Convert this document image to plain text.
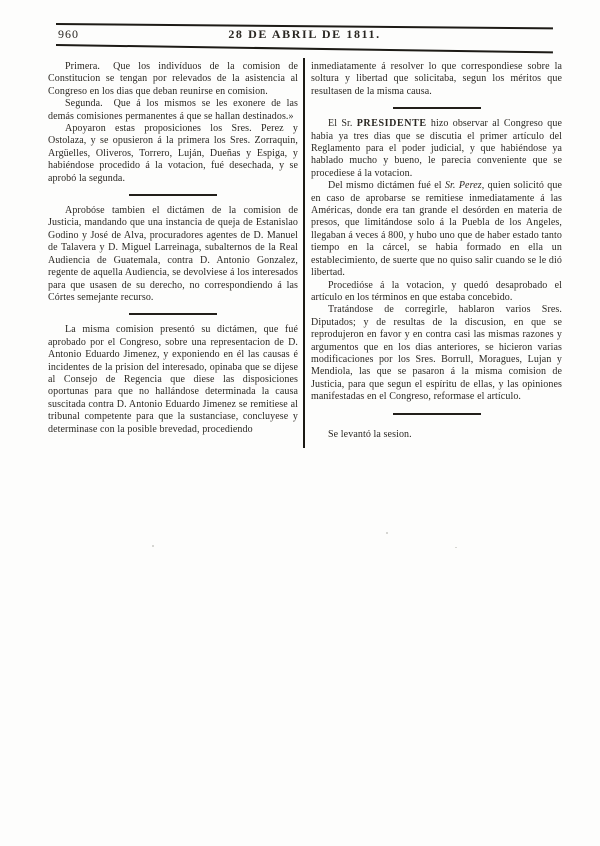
960	28 DE ABRIL DE 1811.

Primera.  Que los indivíduos de la comision de Constitucion se tengan por relevados de la asistencia al Congreso en los dias que deban reunirse en comision.

Segunda.  Que á los mismos se les exonere de las demás comisiones permanentes á que se hallan destinados.»

Apoyaron estas proposiciones los Sres. Perez y Ostolaza, y se opusieron á la primera los Sres. Zorraquin, Argüelles, Oliveros, Torrero, Luján, Dueñas y Espiga, y habiéndose procedido á la votacion, fué desechada, y se aprobó la segunda.

Aprobóse tambien el dictámen de la comision de Justicia, mandando que una instancia de queja de Estanislao Godino y José de Alva, procuradores agentes de D. Manuel de Talavera y D. Miguel Larreinaga, subalternos de la Real Audiencia de Guatemala, contra D. Antonio Gonzalez, regente de aquella Audiencia, se devolviese á los interesados para que usasen de su derecho, no correspondiendo á las Córtes semejante recurso.

La misma comision presentó su dictámen, que fué aprobado por el Congreso, sobre una representacion de D. Antonio Eduardo Jimenez, y exponiendo en él las causas é incidentes de la prision del interesado, opinaba que se dijese al Consejo de Regencia que diese las disposiciones oportunas para que no hallándose determinada la causa suscitada contra D. Antonio Eduardo Jimenez se remitiese al tribunal competente para que la sustanciase, concluyese y determinase con la posible brevedad, procediendo

inmediatamente á resolver lo que correspondiese sobre la soltura y libertad que solicitaba, segun los méritos que resultasen de la misma causa.

El Sr. PRESIDENTE hizo observar al Congreso que habia ya tres dias que se discutia el primer artículo del Reglamento para el poder judicial, y que habiéndose ya hablado mucho y bueno, le parecia conveniente que se procediese á la votacion.

Del mismo dictámen fué el Sr. Perez, quien solicitó que en caso de aprobarse se remitiese inmediatamente á las Américas, donde era tan grande el desórden en materia de presos, que limitándose solo á la Puebla de los Angeles, llegaban á veces á 800, y hubo uno que de haber estado tanto tiempo en la cárcel, se habia formado en ella un establecimiento, de suerte que no quiso salir cuando se le dió libertad.

Procedióse á la votacion, y quedó desaprobado el artículo en los términos en que estaba concebido.

Tratándose de corregirle, hablaron varios Sres. Diputados; y de resultas de la discusion, en que se reprodujeron en favor y en contra casi las mismas razones y argumentos que en los dias anteriores, se hicieron varias modificaciones por los Sres. Borrull, Moragues, Lujan y Mendiola, las que se pasaron á la misma comision de Justicia, para que segun el espíritu de ellas, y las opiniones manifestadas en el Congreso, reformase el artículo.

Se levantó la sesion.
